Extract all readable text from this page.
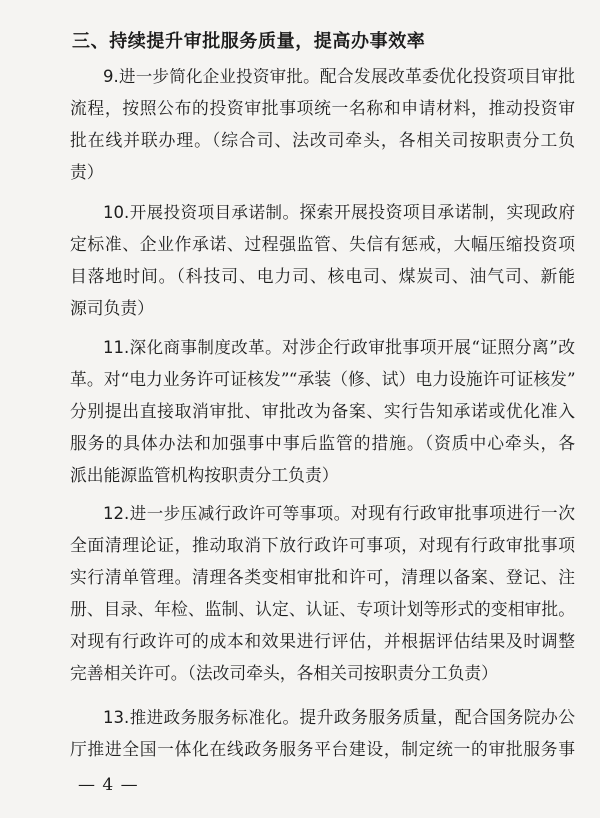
三、持续提升审批服务质量，提高办事效率
9.进一步简化企业投资审批。配合发展改革委优化投资项目审批
流程，按照公布的投资审批事项统一名称和申请材料，推动投资审
批在线并联办理。（综合司、法改司牵头，各相关司按职责分工负
责）
10.开展投资项目承诺制。探索开展投资项目承诺制，实现政府
定标准、企业作承诺、过程强监管、失信有惩戒，大幅压缩投资项
目落地时间。（科技司、电力司、核电司、煤炭司、油气司、新能
源司负责）
11.深化商事制度改革。对涉企行政审批事项开展“证照分离”改
革。对“电力业务许可证核发”“承装（修、试）电力设施许可证核发”
分别提出直接取消审批、审批改为备案、实行告知承诺或优化准入
服务的具体办法和加强事中事后监管的措施。（资质中心牵头，各
派出能源监管机构按职责分工负责）
12.进一步压减行政许可等事项。对现有行政审批事项进行一次
全面清理论证，推动取消下放行政许可事项，对现有行政审批事项
实行清单管理。清理各类变相审批和许可，清理以备案、登记、注
册、目录、年检、监制、认定、认证、专项计划等形式的变相审批。
对现有行政许可的成本和效果进行评估，并根据评估结果及时调整
完善相关许可。（法改司牵头，各相关司按职责分工负责）
13.推进政务服务标准化。提升政务服务质量，配合国务院办公
厅推进全国一体化在线政务服务平台建设，制定统一的审批服务事
— 4 —
